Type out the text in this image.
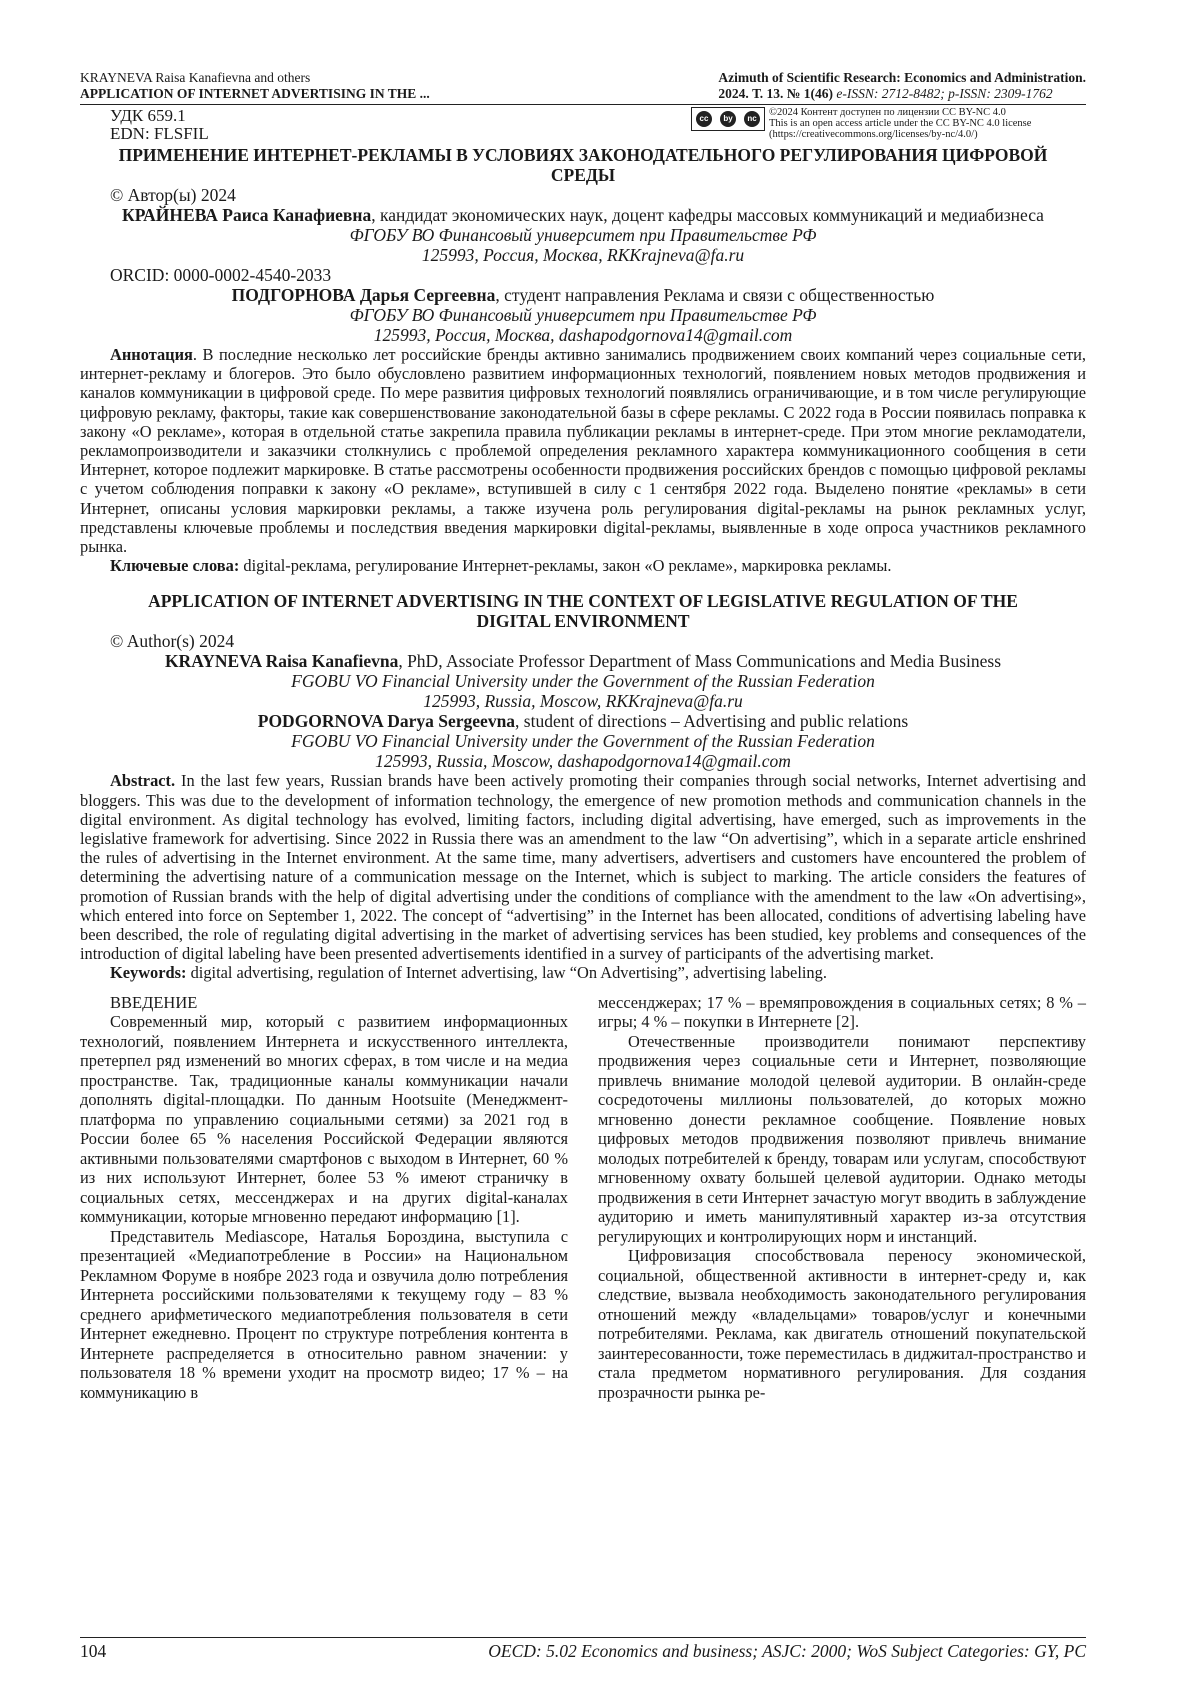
KRAYNEVA Raisa Kanafievna and others
APPLICATION OF INTERNET ADVERTISING IN THE ...
Azimuth of Scientific Research: Economics and Administration.
2024. Т. 13. № 1(46) e-ISSN: 2712-8482; p-ISSN: 2309-1762
УДК 659.1
EDN: FLSFIL
cc	by	nc
©2024 Контент доступен по лицензии CC BY-NC 4.0
This is an open access article under the CC BY-NC 4.0 license
(https://creativecommons.org/licenses/by-nc/4.0/)
ПРИМЕНЕНИЕ ИНТЕРНЕТ-РЕКЛАМЫ В УСЛОВИЯХ ЗАКОНОДАТЕЛЬНОГО РЕГУЛИРОВАНИЯ ЦИФРОВОЙ СРЕДЫ
© Автор(ы) 2024
КРАЙНЕВА Раиса Канафиевна, кандидат экономических наук, доцент кафедры массовых коммуникаций и медиабизнеса
ФГОБУ ВО Финансовый университет при Правительстве РФ
125993, Россия, Москва, RKKrajneva@fa.ru
ORCID: 0000-0002-4540-2033
ПОДГОРНОВА Дарья Сергеевна, студент направления Реклама и связи с общественностью
ФГОБУ ВО Финансовый университет при Правительстве РФ
125993, Россия, Москва, dashapodgornova14@gmail.com
Аннотация. В последние несколько лет российские бренды активно занимались продвижением своих компаний через социальные сети, интернет-рекламу и блогеров. Это было обусловлено развитием информационных технологий, появлением новых методов продвижения и каналов коммуникации в цифровой среде. По мере развития цифровых технологий появлялись ограничивающие, и в том числе регулирующие цифровую рекламу, факторы, такие как совершенствование законодательной базы в сфере рекламы. С 2022 года в России появилась поправка к закону «О рекламе», которая в отдельной статье закрепила правила публикации рекламы в интернет-среде. При этом многие рекламодатели, рекламопроизводители и заказчики столкнулись с проблемой определения рекламного характера коммуникационного сообщения в сети Интернет, которое подлежит маркировке. В статье рассмотрены особенности продвижения российских брендов с помощью цифровой рекламы с учетом соблюдения поправки к закону «О рекламе», вступившей в силу с 1 сентября 2022 года. Выделено понятие «рекламы» в сети Интернет, описаны условия маркировки рекламы, а также изучена роль регулирования digital-рекламы на рынок рекламных услуг, представлены ключевые проблемы и последствия введения маркировки digital-рекламы, выявленные в ходе опроса участников рекламного рынка.
Ключевые слова: digital-реклама, регулирование Интернет-рекламы, закон «О рекламе», маркировка рекламы.
APPLICATION OF INTERNET ADVERTISING IN THE CONTEXT OF LEGISLATIVE REGULATION OF THE DIGITAL ENVIRONMENT
© Author(s) 2024
KRAYNEVA Raisa Kanafievna, PhD, Associate Professor Department of Mass Communications and Media Business
FGOBU VO Financial University under the Government of the Russian Federation
125993, Russia, Moscow, RKKrajneva@fa.ru
PODGORNOVA Darya Sergeevna, student of directions – Advertising and public relations
FGOBU VO Financial University under the Government of the Russian Federation
125993, Russia, Moscow, dashapodgornova14@gmail.com
Abstract. In the last few years, Russian brands have been actively promoting their companies through social networks, Internet advertising and bloggers. This was due to the development of information technology, the emergence of new promotion methods and communication channels in the digital environment. As digital technology has evolved, limiting factors, including digital advertising, have emerged, such as improvements in the legislative framework for advertising. Since 2022 in Russia there was an amendment to the law “On advertising”, which in a separate article enshrined the rules of advertising in the Internet environment. At the same time, many advertisers, advertisers and customers have encountered the problem of determining the advertising nature of a communication message on the Internet, which is subject to marking. The article considers the features of promotion of Russian brands with the help of digital advertising under the conditions of compliance with the amendment to the law «On advertising», which entered into force on September 1, 2022. The concept of “advertising” in the Internet has been allocated, conditions of advertising labeling have been described, the role of regulating digital advertising in the market of advertising services has been studied, key problems and consequences of the introduction of digital labeling have been presented advertisements identified in a survey of participants of the advertising market.
Keywords: digital advertising, regulation of Internet advertising, law “On Advertising”, advertising labeling.

ВВЕДЕНИЕ

Современный мир, который с развитием информационных технологий, появлением Интернета и искусственного интеллекта, претерпел ряд изменений во многих сферах, в том числе и на медиа пространстве. Так, традиционные каналы коммуникации начали дополнять digital-площадки. По данным Hootsuite (Менеджмент-платформа по управлению социальными сетями) за 2021 год в России более 65 % населения Российской Федерации являются активными пользователями смартфонов с выходом в Интернет, 60 % из них используют Интернет, более 53 % имеют страничку в социальных сетях, мессенджерах и на других digital-каналах коммуникации, которые мгновенно передают информацию [1].

Представитель Mediascope, Наталья Бороздина, выступила с презентацией «Медиапотребление в России» на Национальном Рекламном Форуме в ноябре 2023 года и озвучила долю потребления Интернета российскими пользователями к текущему году – 83 % среднего арифметического медиапотребления пользователя в сети Интернет ежедневно. Процент по структуре потребления контента в Интернете распределяется в относительно равном значении: у пользователя 18 % времени уходит на просмотр видео; 17 % – на коммуникацию в

мессенджерах; 17 % – времяпровождения в социальных сетях; 8 % – игры; 4 % – покупки в Интернете [2].

Отечественные производители понимают перспективу продвижения через социальные сети и Интернет, позволяющие привлечь внимание молодой целевой аудитории. В онлайн-среде сосредоточены миллионы пользователей, до которых можно мгновенно донести рекламное сообщение. Появление новых цифровых методов продвижения позволяют привлечь внимание молодых потребителей к бренду, товарам или услугам, способствуют мгновенному охвату большей целевой аудитории. Однако методы продвижения в сети Интернет зачастую могут вводить в заблуждение аудиторию и иметь манипулятивный характер из-за отсутствия регулирующих и контролирующих норм и инстанций.

Цифровизация способствовала переносу экономической, социальной, общественной активности в интернет-среду и, как следствие, вызвала необходимость законодательного регулирования отношений между «владельцами» товаров/услуг и конечными потребителями. Реклама, как двигатель отношений покупательской заинтересованности, тоже переместилась в диджитал-пространство и стала предметом нормативного регулирования. Для создания прозрачности рынка ре-

104	OECD: 5.02 Economics and business; ASJC: 2000; WoS Subject Categories: GY, PC
